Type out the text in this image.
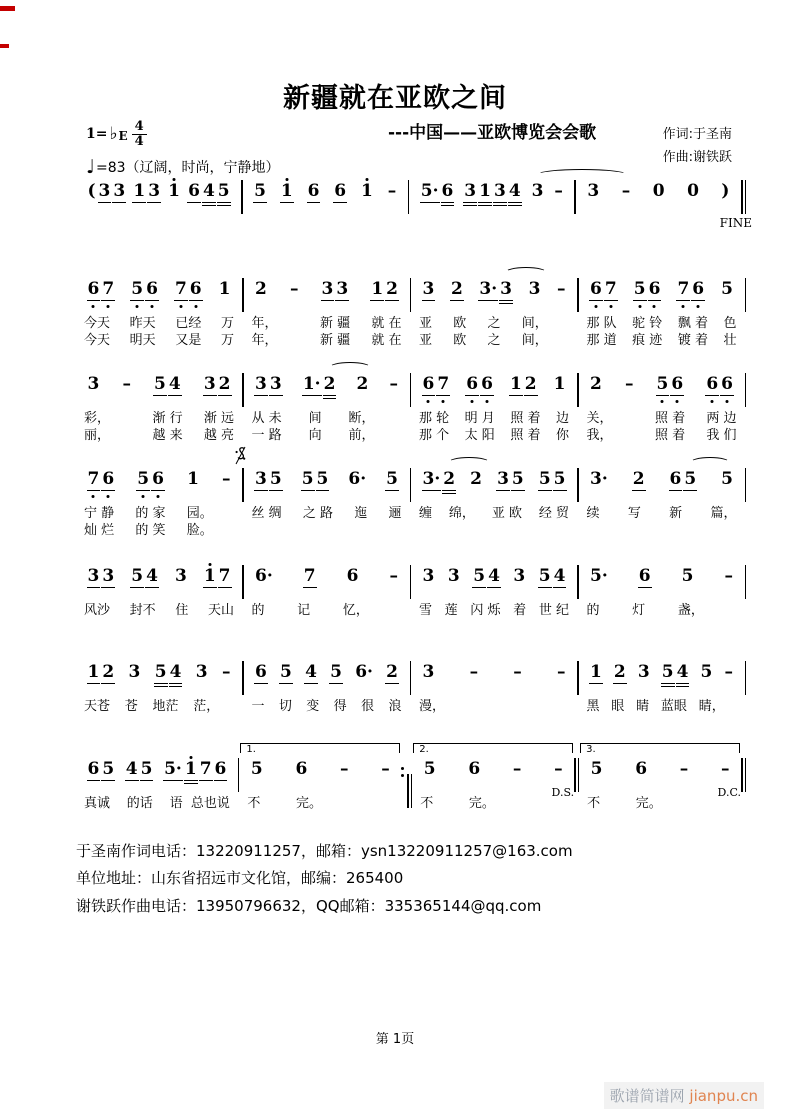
新疆就在亚欧之间
---中国——亚欧博览会会歌	作词:于圣南
作曲:谢铁跃
1= ♭ E
4
4
♩ =83（辽阔，时尚，宁静地）
( 3 3 1 3 1 6 4 5 5 1 6 6 1 – 5· 6 3 1 3 4 3 – 3 – 0 0 )
FINE
6 7 5 6 7 6 1
今天 昨天 已经 万
今天 明天 又是 万
2 – 3 3 1 2
年，	新 疆 就 在
年，	新 疆 就 在
3 2 3· 3 3 –
亚 欧 之 间，
亚 欧 之 间，
6 7 5 6 7 6 5
那 队 驼 铃 飘 着 色
那 道 痕 迹 镀 着 壮
3 – 5 4 3 2
彩，	渐 行 渐 远
丽，	越 来 越 亮
3 3 1· 2 2 –
从 未 间 断，
一 路 向 前，
6 7 6 6 1 2 1
那 轮 明 月 照 着 边
那 个 太 阳 照 着 你
2 – 5 6 6 6
关，	照 着 两 边
我，	照 着 我 们
7 6 5 6 1 –
宁 静 的 家 园。
灿 烂 的 笑 脸。
3 5 5 5 6· 5
丝 绸 之 路 迤 逦
3· 2 2 3 5 5 5
缠 绵， 亚 欧 经 贸
3· 2 6 5 5
续 写 新 篇，
3 3 5 4 3 1 7
风沙 封不 住 天山
6· 7 6 –
的	记	忆，
3 3 5 4 3 5 4
雪 莲 闪 烁 着 世 纪
5· 6 5 –
的	灯	盏，
1 2 3 5 4 3 –
天苍 苍 地茫 茫，
6 5 4 5 6· 2
一 切 变 得 很 浪
3 – – –
漫，
1 2 3 5 4 5 –
黑 眼 睛 蓝眼 睛，
6 5 4 5 5· 1 7 6
真诚 的话 语  总也说
1.
5 6 – –
不	完。
2.
5 6 – –
不	完。
D.S.
3.
5 6 – –
不	完。
D.C.
于圣南作词电话：13220911257，邮箱：ysn13220911257@163.com
单位地址：山东省招远市文化馆，邮编：265400
谢铁跃作曲电话：13950796632，QQ邮箱：335365144@qq.com
第 1页
歌谱简谱网 jianpu.cn
